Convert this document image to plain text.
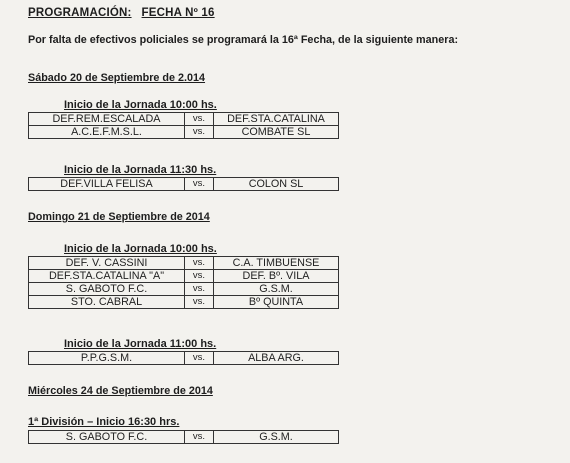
PROGRAMACIÓN: FECHA Nº 16
Por falta de efectivos policiales se programará la 16ª Fecha, de la siguiente manera:
Sábado 20 de Septiembre de 2.014
Inicio de la Jornada 10:00 hs.
DEF.REM.ESCALADA	vs.	DEF.STA.CATALINA
A.C.E.F.M.S.L.	vs.	COMBATE SL
Inicio de la Jornada 11:30 hs.
DEF.VILLA FELISA	vs.	COLON SL
Domingo 21 de Septiembre de 2014
Inicio de la Jornada 10:00 hs.
DEF. V. CASSINI	vs.	C.A. TIMBUENSE
DEF.STA.CATALINA "A"	vs.	DEF. Bº. VILA
S. GABOTO F.C.	vs.	G.S.M.
STO. CABRAL	vs.	Bº QUINTA
Inicio de la Jornada 11:00 hs.
P.P.G.S.M.	vs.	ALBA ARG.
Miércoles 24 de Septiembre de 2014
1ª División – Inicio 16:30 hrs.
S. GABOTO F.C.	vs.	G.S.M.
